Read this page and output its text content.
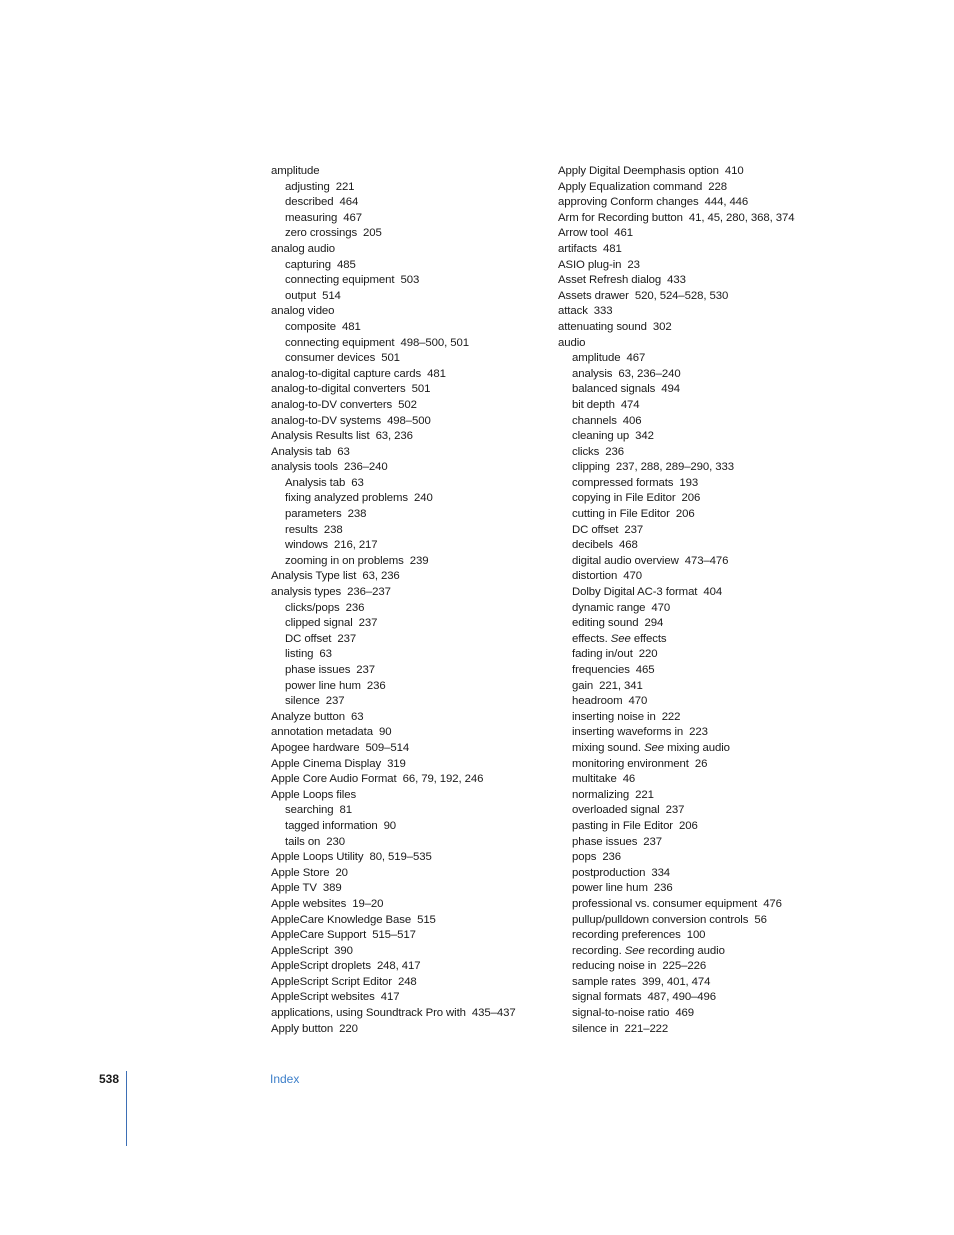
amplitude
adjusting 221
described 464
measuring 467
zero crossings 205
analog audio
capturing 485
connecting equipment 503
output 514
analog video
composite 481
connecting equipment 498–500, 501
consumer devices 501
analog-to-digital capture cards 481
analog-to-digital converters 501
analog-to-DV converters 502
analog-to-DV systems 498–500
Analysis Results list 63, 236
Analysis tab 63
analysis tools 236–240
Analysis tab 63
fixing analyzed problems 240
parameters 238
results 238
windows 216, 217
zooming in on problems 239
Analysis Type list 63, 236
analysis types 236–237
clicks/pops 236
clipped signal 237
DC offset 237
listing 63
phase issues 237
power line hum 236
silence 237
Analyze button 63
annotation metadata 90
Apogee hardware 509–514
Apple Cinema Display 319
Apple Core Audio Format 66, 79, 192, 246
Apple Loops files
searching 81
tagged information 90
tails on 230
Apple Loops Utility 80, 519–535
Apple Store 20
Apple TV 389
Apple websites 19–20
AppleCare Knowledge Base 515
AppleCare Support 515–517
AppleScript 390
AppleScript droplets 248, 417
AppleScript Script Editor 248
AppleScript websites 417
applications, using Soundtrack Pro with 435–437
Apply button 220
Apply Digital Deemphasis option 410
Apply Equalization command 228
approving Conform changes 444, 446
Arm for Recording button 41, 45, 280, 368, 374
Arrow tool 461
artifacts 481
ASIO plug-in 23
Asset Refresh dialog 433
Assets drawer 520, 524–528, 530
attack 333
attenuating sound 302
audio
amplitude 467
analysis 63, 236–240
balanced signals 494
bit depth 474
channels 406
cleaning up 342
clicks 236
clipping 237, 288, 289–290, 333
compressed formats 193
copying in File Editor 206
cutting in File Editor 206
DC offset 237
decibels 468
digital audio overview 473–476
distortion 470
Dolby Digital AC-3 format 404
dynamic range 470
editing sound 294
effects. See effects
fading in/out 220
frequencies 465
gain 221, 341
headroom 470
inserting noise in 222
inserting waveforms in 223
mixing sound. See mixing audio
monitoring environment 26
multitake 46
normalizing 221
overloaded signal 237
pasting in File Editor 206
phase issues 237
pops 236
postproduction 334
power line hum 236
professional vs. consumer equipment 476
pullup/pulldown conversion controls 56
recording preferences 100
recording. See recording audio
reducing noise in 225–226
sample rates 399, 401, 474
signal formats 487, 490–496
signal-to-noise ratio 469
silence in 221–222
538	Index
